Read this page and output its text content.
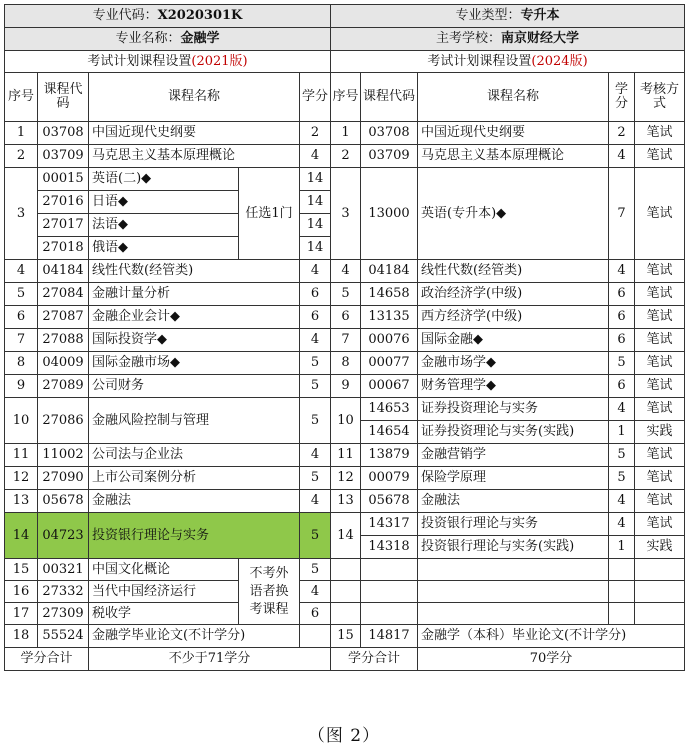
专业代码：X2020301K					专业类型：专升本				
专业名称：金融学					主考学校：南京财经大学				
考试计划课程设置(2021版)					考试计划课程设置(2024版)				
序号	课程代码	课程名称		学分	序号	课程代码	课程名称	学分	考核方式
1	03708	中国近现代史纲要		2	1	03708	中国近现代史纲要	2	笔试
2	03709	马克思主义基本原理概论		4	2	03709	马克思主义基本原理概论	4	笔试
3	00015	英语(二)◆	任选1门	14	3	13000	英语(专升本)◆	7	笔试
	27016	日语◆		14					
	27017	法语◆		14					
	27018	俄语◆		14					
4	04184	线性代数(经管类)		4	4	04184	线性代数(经管类)	4	笔试
5	27084	金融计量分析		6	5	14658	政治经济学(中级)	6	笔试
6	27087	金融企业会计◆		6	6	13135	西方经济学(中级)	6	笔试
7	27088	国际投资学◆		4	7	00076	国际金融◆	6	笔试
8	04009	国际金融市场◆		5	8	00077	金融市场学◆	5	笔试
9	27089	公司财务		5	9	00067	财务管理学◆	6	笔试
10	27086	金融风险控制与管理		5	10	14653	证券投资理论与实务	4	笔试
						14654	证券投资理论与实务(实践)	1	实践
11	11002	公司法与企业法		4	11	13879	金融营销学	5	笔试
12	27090	上市公司案例分析		5	12	00079	保险学原理	5	笔试
13	05678	金融法		4	13	05678	金融法	4	笔试
14	04723	投资银行理论与实务		5	14	14317	投资银行理论与实务	4	笔试
						14318	投资银行理论与实务(实践)	1	实践
15	00321	中国文化概论	不考外语者换考课程	5					
16	27332	当代中国经济运行		4					
17	27309	税收学		6					
18	55524	金融学毕业论文(不计学分)			15	14817	金融学（本科）毕业论文(不计学分)		
学分合计		不少于71学分			学分合计		70学分		
（图 2）
